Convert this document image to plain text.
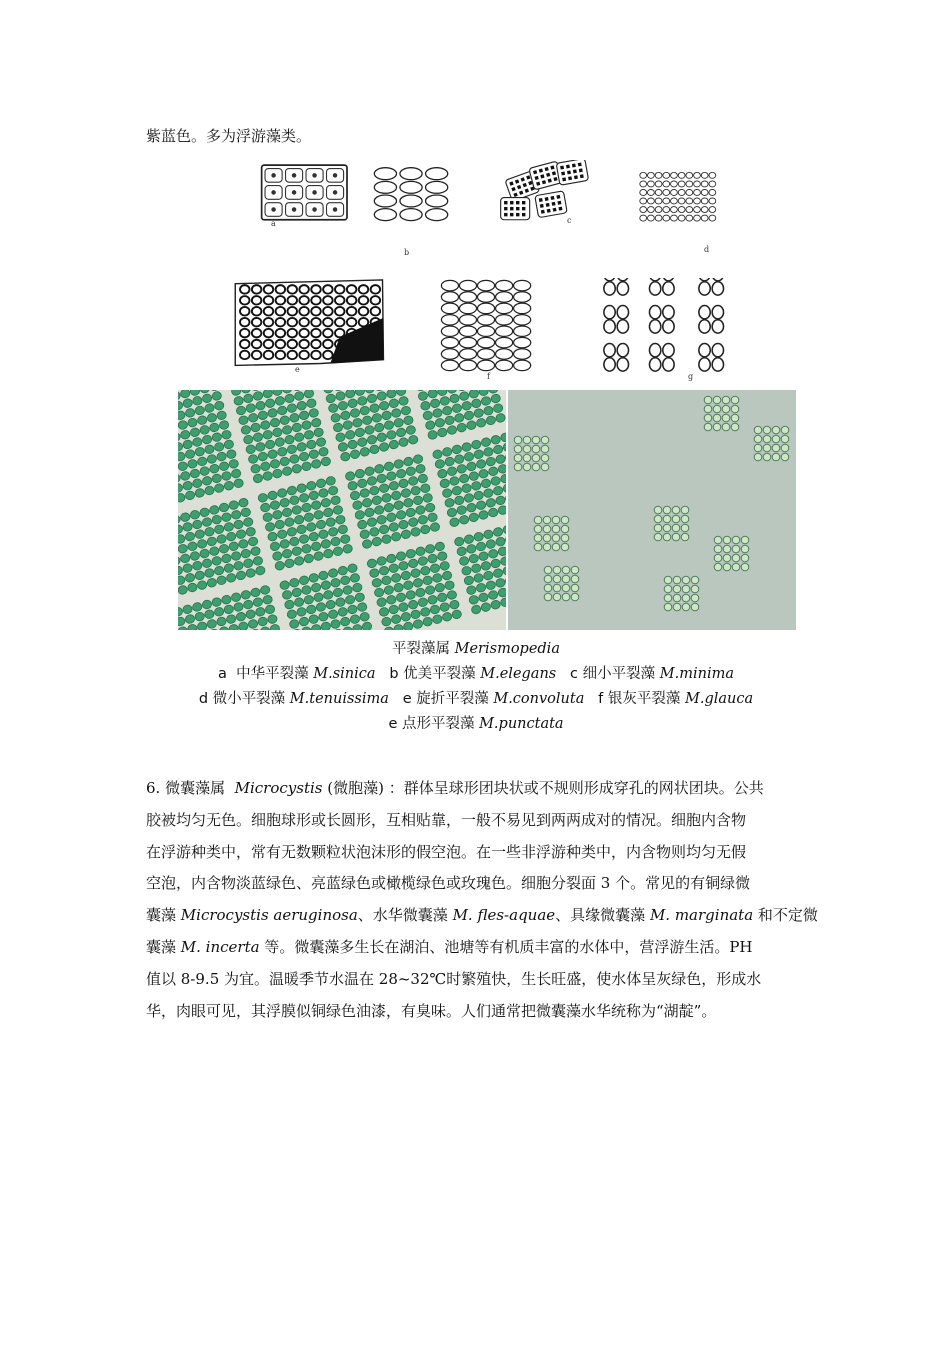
紫蓝色。多为浮游藻类。
a
b
c
d
e
f	g
平裂藻属 Merismopedia
a  中华平裂藻 M.sinica   b 优美平裂藻 M.elegans   c 细小平裂藻 M.minima
d 微小平裂藻 M.tenuissima   e 旋折平裂藻 M.convoluta   f 银灰平裂藻 M.glauca
e 点形平裂藻 M.punctata
6. 微囊藻属  Microcystis (微胞藻) ：群体呈球形团块状或不规则形成穿孔的网状团块。公共
胶被均匀无色。细胞球形或长圆形，互相贴靠，一般不易见到两两成对的情况。细胞内含物
在浮游种类中，常有无数颗粒状泡沫形的假空泡。在一些非浮游种类中，内含物则均匀无假
空泡，内含物淡蓝绿色、亮蓝绿色或橄榄绿色或玫瑰色。细胞分裂面 3 个。常见的有铜绿微
囊藻 Microcystis aeruginosa、水华微囊藻 M. fles-aquae、具缘微囊藻 M. marginata 和不定微
囊藻 M. incerta 等。微囊藻多生长在湖泊、池塘等有机质丰富的水体中，营浮游生活。PH
值以 8-9.5 为宜。温暖季节水温在 28~32℃时繁殖快，生长旺盛，使水体呈灰绿色，形成水
华，肉眼可见，其浮膜似铜绿色油漆，有臭味。人们通常把微囊藻水华统称为“湖靛”。
